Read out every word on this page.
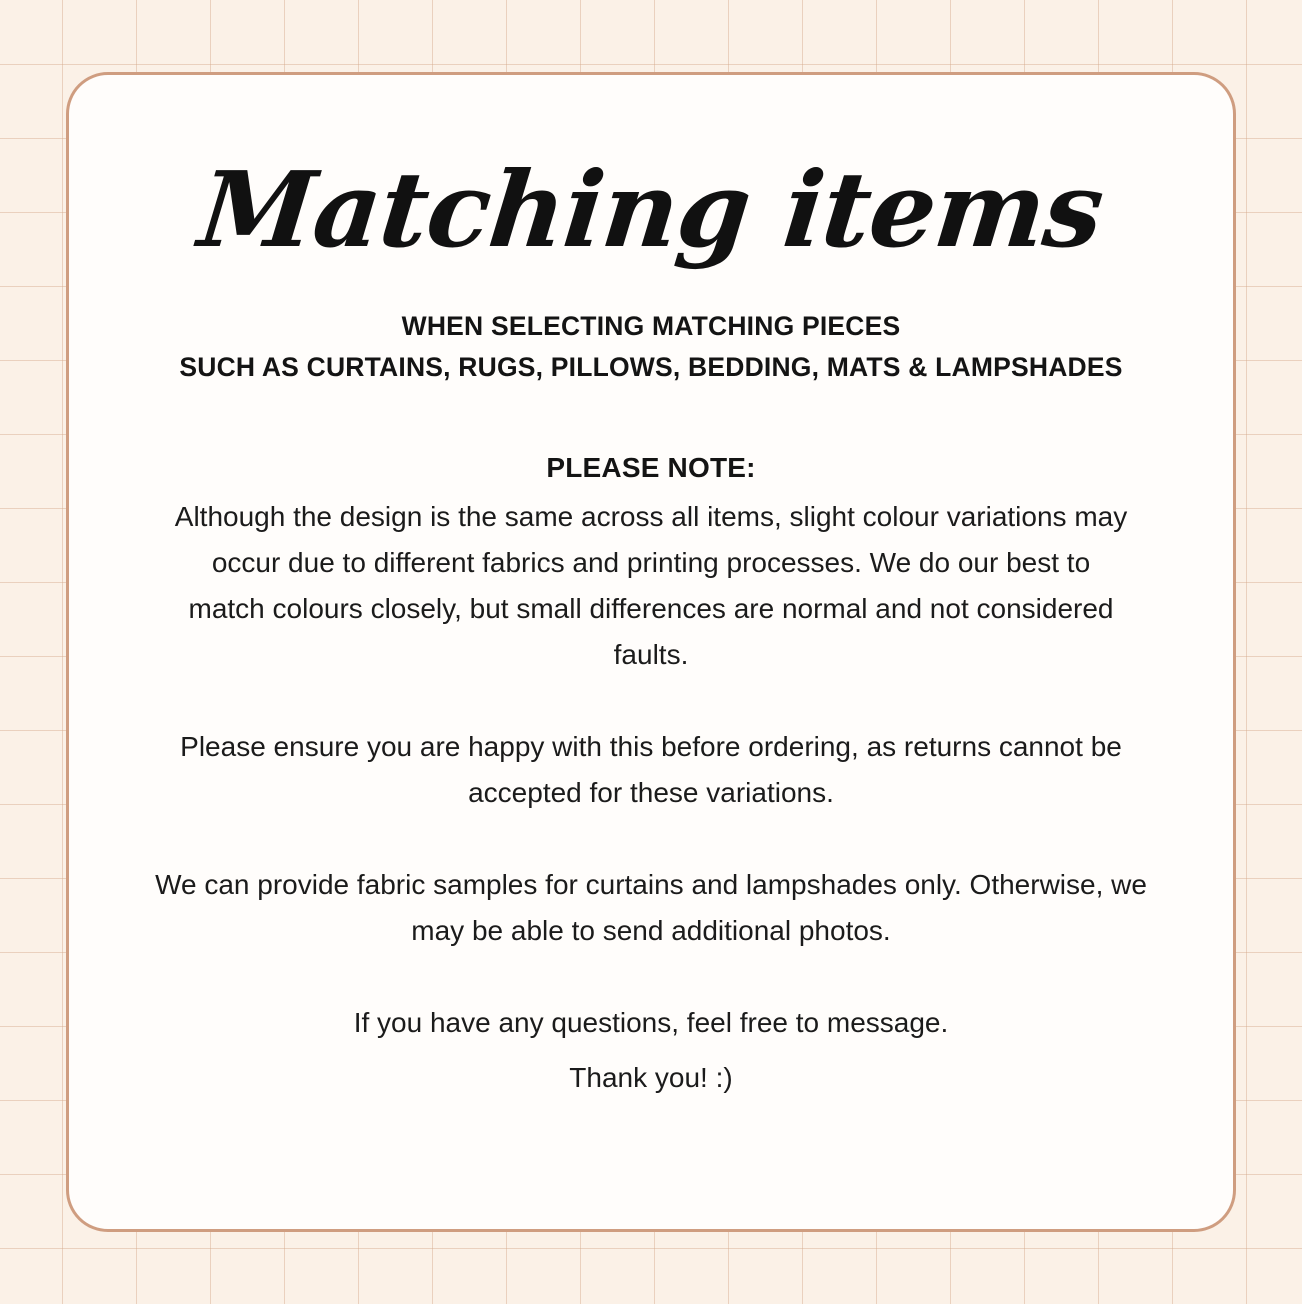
Matching items
WHEN SELECTING MATCHING PIECES
SUCH AS CURTAINS, RUGS, PILLOWS, BEDDING, MATS & LAMPSHADES
PLEASE NOTE:

Although the design is the same across all items, slight colour variations may occur due to different fabrics and printing processes. We do our best to match colours closely, but small differences are normal and not considered faults.

Please ensure you are happy with this before ordering, as returns cannot be accepted for these variations.

We can provide fabric samples for curtains and lampshades only. Otherwise, we may be able to send additional photos.

If you have any questions, feel free to message.

Thank you! :)
